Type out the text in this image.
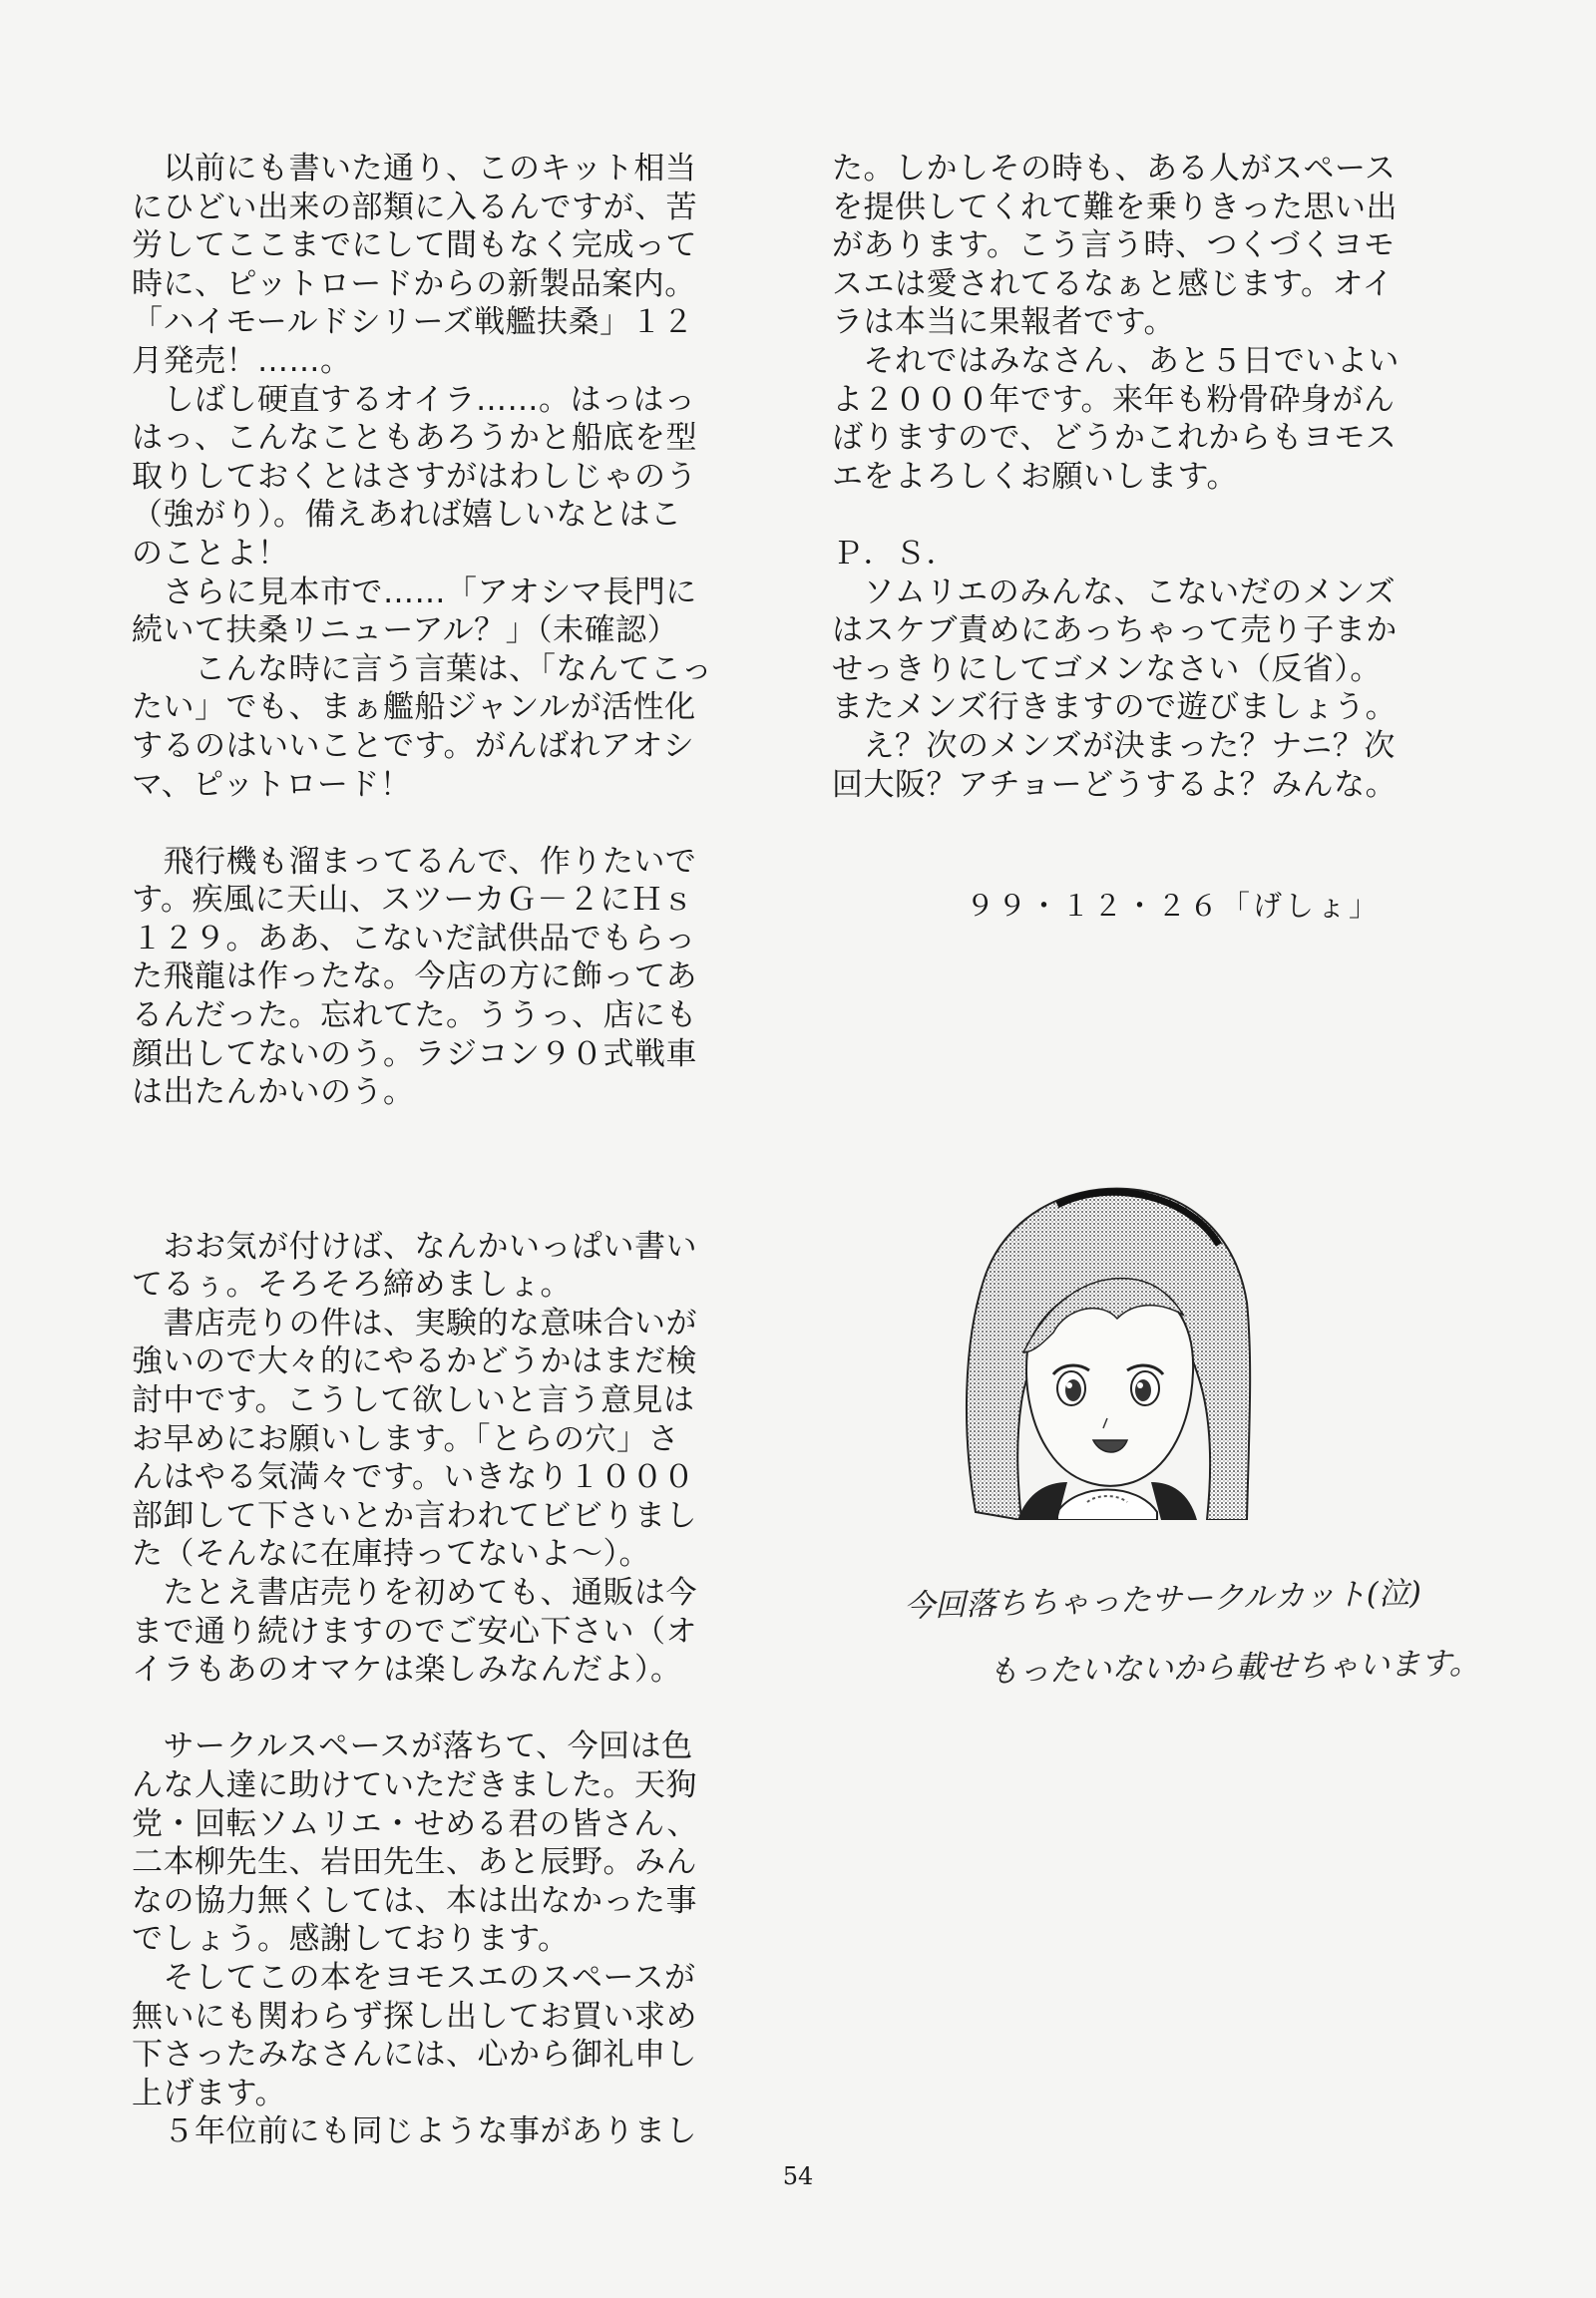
　以前にも書いた通り、このキット相当
にひどい出来の部類に入るんですが、苦
労してここまでにして間もなく完成って
時に、ピットロードからの新製品案内。
「ハイモールドシリーズ戦艦扶桑」１２
月発売！……。
　しばし硬直するオイラ……。はっはっ
はっ、こんなこともあろうかと船底を型
取りしておくとはさすがはわしじゃのう
（強がり）。備えあれば嬉しいなとはこ
のことよ！
　さらに見本市で……「アオシマ長門に
続いて扶桑リニューアル？」（未確認）
　　こんな時に言う言葉は、「なんてこっ
たい」でも、まぁ艦船ジャンルが活性化
するのはいいことです。がんばれアオシ
マ、ピットロード！
　飛行機も溜まってるんで、作りたいで
す。疾風に天山、スツーカＧ－２にＨｓ
１２９。ああ、こないだ試供品でもらっ
た飛龍は作ったな。今店の方に飾ってあ
るんだった。忘れてた。ううっ、店にも
顔出してないのう。ラジコン９０式戦車
は出たんかいのう。
　おお気が付けば、なんかいっぱい書い
てるぅ。そろそろ締めましょ。
　書店売りの件は、実験的な意味合いが
強いので大々的にやるかどうかはまだ検
討中です。こうして欲しいと言う意見は
お早めにお願いします。「とらの穴」さ
んはやる気満々です。いきなり１０００
部卸して下さいとか言われてビビりまし
た（そんなに在庫持ってないよ～）。
　たとえ書店売りを初めても、通販は今
まで通り続けますのでご安心下さい（オ
イラもあのオマケは楽しみなんだよ）。
　サークルスペースが落ちて、今回は色
んな人達に助けていただきました。天狗
党・回転ソムリエ・せめる君の皆さん、
二本柳先生、岩田先生、あと辰野。みん
なの協力無くしては、本は出なかった事
でしょう。感謝しております。
　そしてこの本をヨモスエのスペースが
無いにも関わらず探し出してお買い求め
下さったみなさんには、心から御礼申し
上げます。
　５年位前にも同じような事がありまし
た。しかしその時も、ある人がスペース
を提供してくれて難を乗りきった思い出
があります。こう言う時、つくづくヨモ
スエは愛されてるなぁと感じます。オイ
ラは本当に果報者です。
　それではみなさん、あと５日でいよい
よ２０００年です。来年も粉骨砕身がん
ばりますので、どうかこれからもヨモス
エをよろしくお願いします。
Ｐ．Ｓ．
　ソムリエのみんな、こないだのメンズ
はスケブ責めにあっちゃって売り子まか
せっきりにしてゴメンなさい（反省）。
またメンズ行きますので遊びましょう。
　え？次のメンズが決まった？ナニ？次
回大阪？アチョーどうするよ？みんな。
９９・１２・２６「げしょ」
今回落ちちゃったサークルカット(泣)
もったいないから載せちゃいます。
54
